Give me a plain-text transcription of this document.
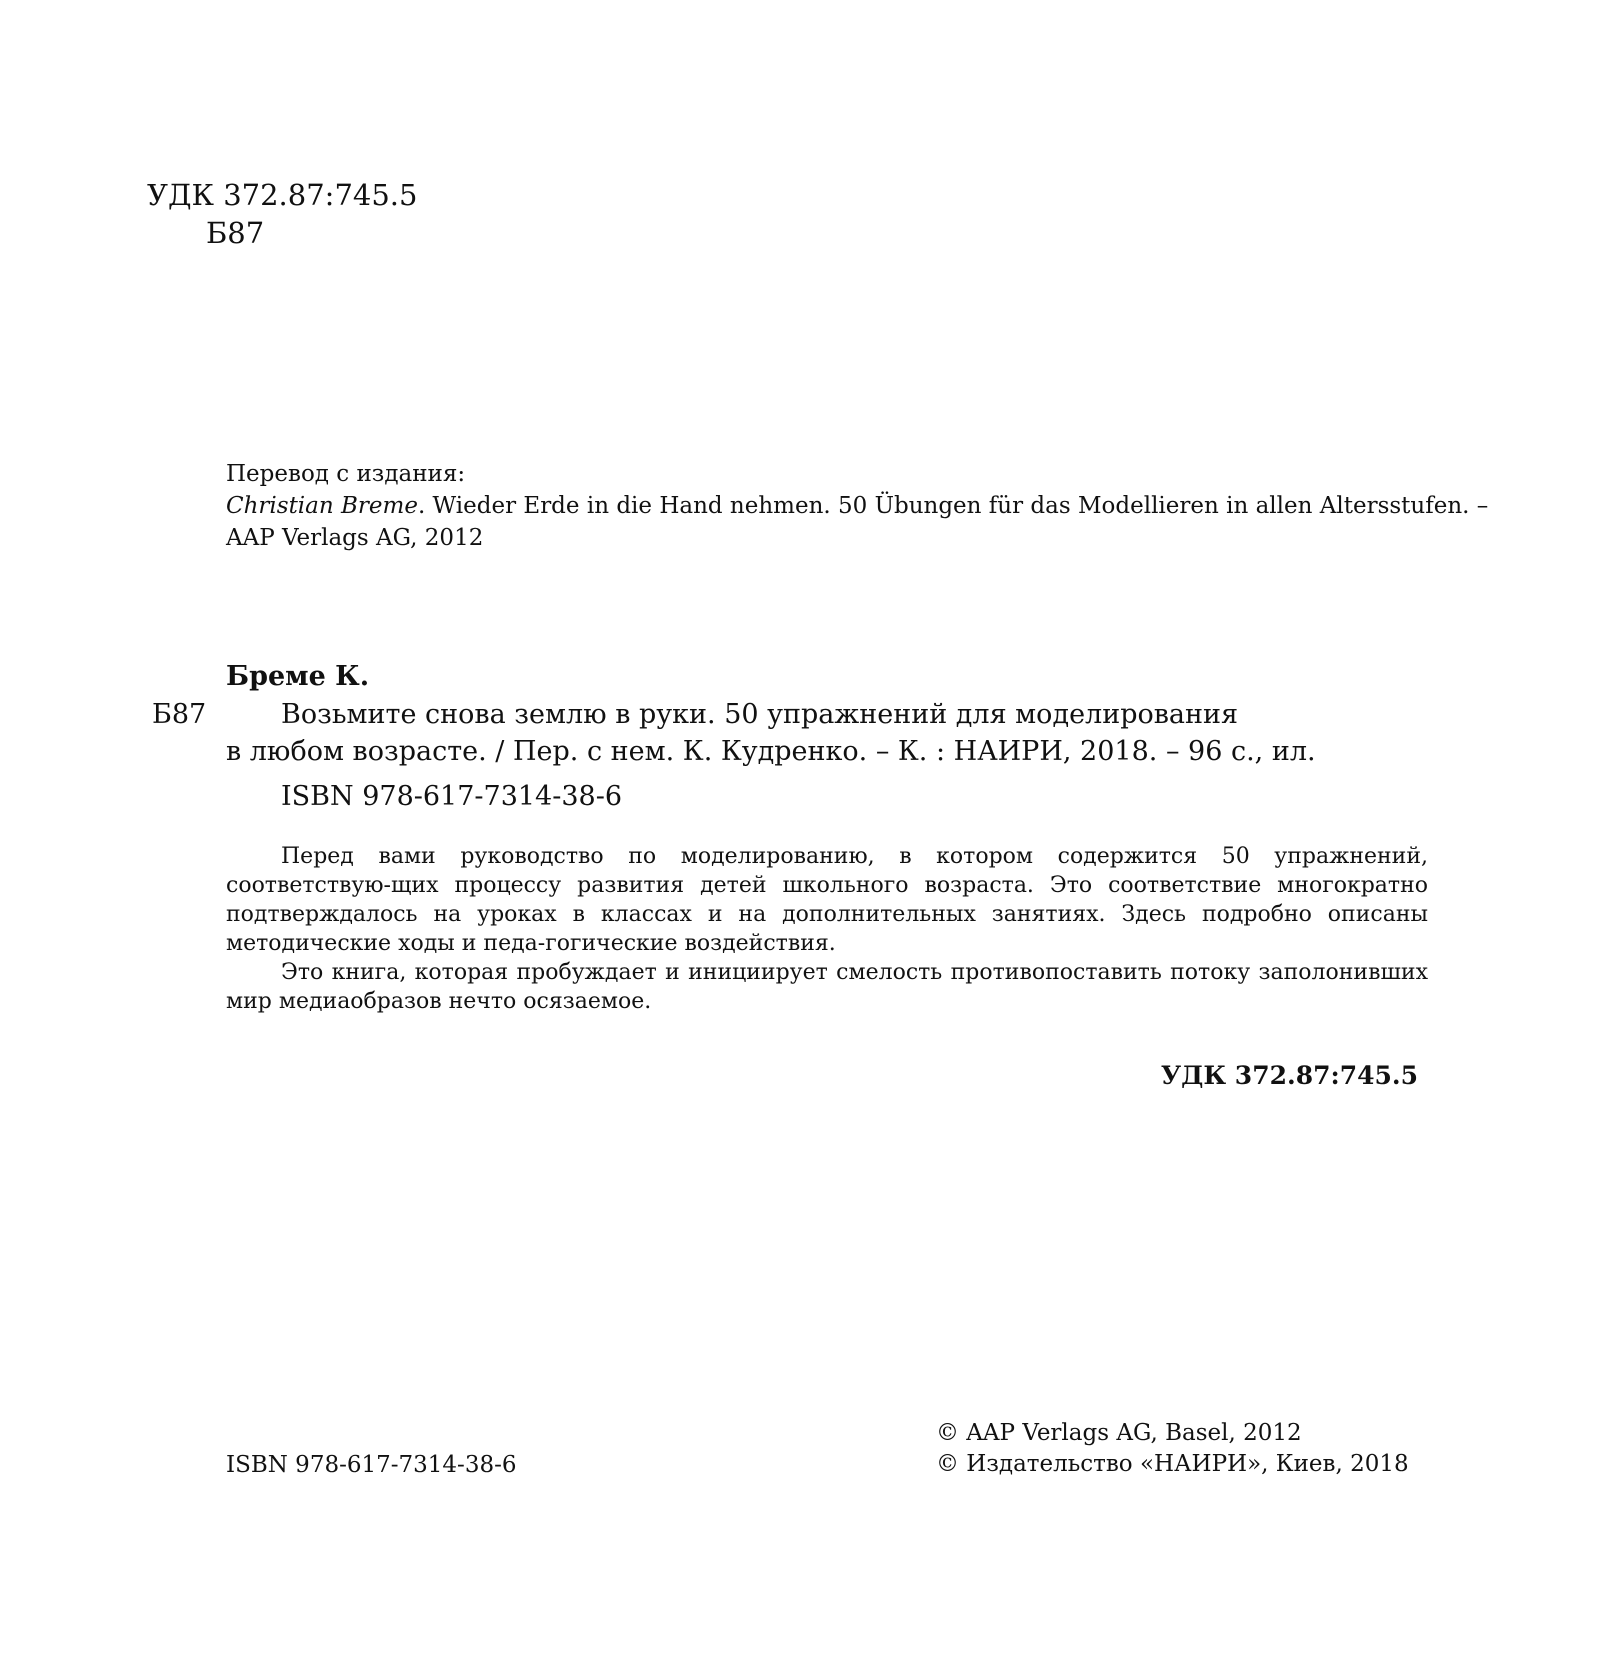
УДК 372.87:745.5
Б87
Перевод с издания:
Christian Breme. Wieder Erde in die Hand nehmen. 50 Übungen für das Modellieren in allen Altersstufen. –
AAP Verlags AG, 2012
Бреме К.
Б87	Возьмите снова землю в руки. 50 упражнений для моделирования
в любом возрасте. / Пер. с нем. К. Кудренко. – К. : НАИРИ, 2018. – 96 с., ил.
ISBN 978-617-7314-38-6

Перед вами руководство по моделированию, в котором содержится 50 упражнений, соответствую-щих процессу развития детей школьного возраста. Это соответствие многократно подтверждалось на уроках в классах и на дополнительных занятиях. Здесь подробно описаны методические ходы и педа-гогические воздействия.

Это книга, которая пробуждает и инициирует смелость противопоставить потоку заполонивших мир медиаобразов нечто осязаемое.

УДК 372.87:745.5
ISBN 978-617-7314-38-6
© AAP Verlags AG, Basel, 2012
© Издательство «НАИРИ», Киев, 2018
